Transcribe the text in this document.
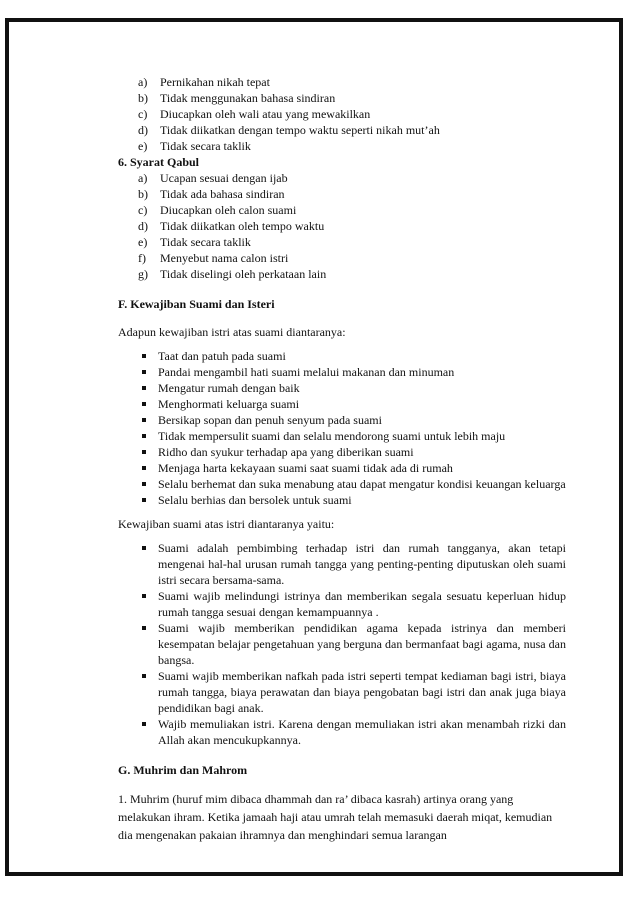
a) Pernikahan nikah tepat
b) Tidak menggunakan bahasa sindiran
c) Diucapkan oleh wali atau yang mewakilkan
d) Tidak diikatkan dengan tempo waktu seperti nikah mut’ah
e) Tidak secara taklik

6. Syarat Qabul

a) Ucapan sesuai dengan ijab
b) Tidak ada bahasa sindiran
c) Diucapkan oleh calon suami
d) Tidak diikatkan oleh tempo waktu
e) Tidak secara taklik
f) Menyebut nama calon istri
g) Tidak diselingi oleh perkataan lain

F. Kewajiban Suami dan Isteri

Adapun kewajiban istri atas suami diantaranya:

Taat dan patuh pada suami
Pandai mengambil hati suami melalui makanan dan minuman
Mengatur rumah dengan baik
Menghormati keluarga suami
Bersikap sopan dan penuh senyum pada suami
Tidak mempersulit suami dan selalu mendorong suami untuk lebih maju
Ridho dan syukur terhadap apa yang diberikan suami
Menjaga harta kekayaan suami saat suami tidak ada di rumah
Selalu berhemat dan suka menabung atau dapat mengatur kondisi keuangan keluarga
Selalu berhias dan bersolek untuk suami

Kewajiban suami atas istri diantaranya yaitu:

Suami adalah pembimbing terhadap istri dan rumah tangganya, akan tetapi mengenai hal-hal urusan rumah tangga yang penting-penting diputuskan oleh suami istri secara bersama-sama.
Suami wajib melindungi istrinya dan memberikan segala sesuatu keperluan hidup rumah tangga sesuai dengan kemampuannya .
Suami wajib memberikan pendidikan agama kepada istrinya dan memberi kesempatan belajar pengetahuan yang berguna dan bermanfaat bagi agama, nusa dan bangsa.
Suami wajib memberikan nafkah pada istri seperti tempat kediaman bagi istri, biaya rumah tangga, biaya perawatan dan biaya pengobatan bagi istri dan anak juga biaya pendidikan bagi anak.
Wajib memuliakan istri. Karena dengan memuliakan istri akan menambah rizki dan Allah akan mencukupkannya.

G. Muhrim dan Mahrom

1. Muhrim (huruf mim dibaca dhammah dan ra’ dibaca kasrah) artinya orang yang melakukan ihram. Ketika jamaah haji atau umrah telah memasuki daerah miqat, kemudian dia mengenakan pakaian ihramnya dan menghindari semua larangan
